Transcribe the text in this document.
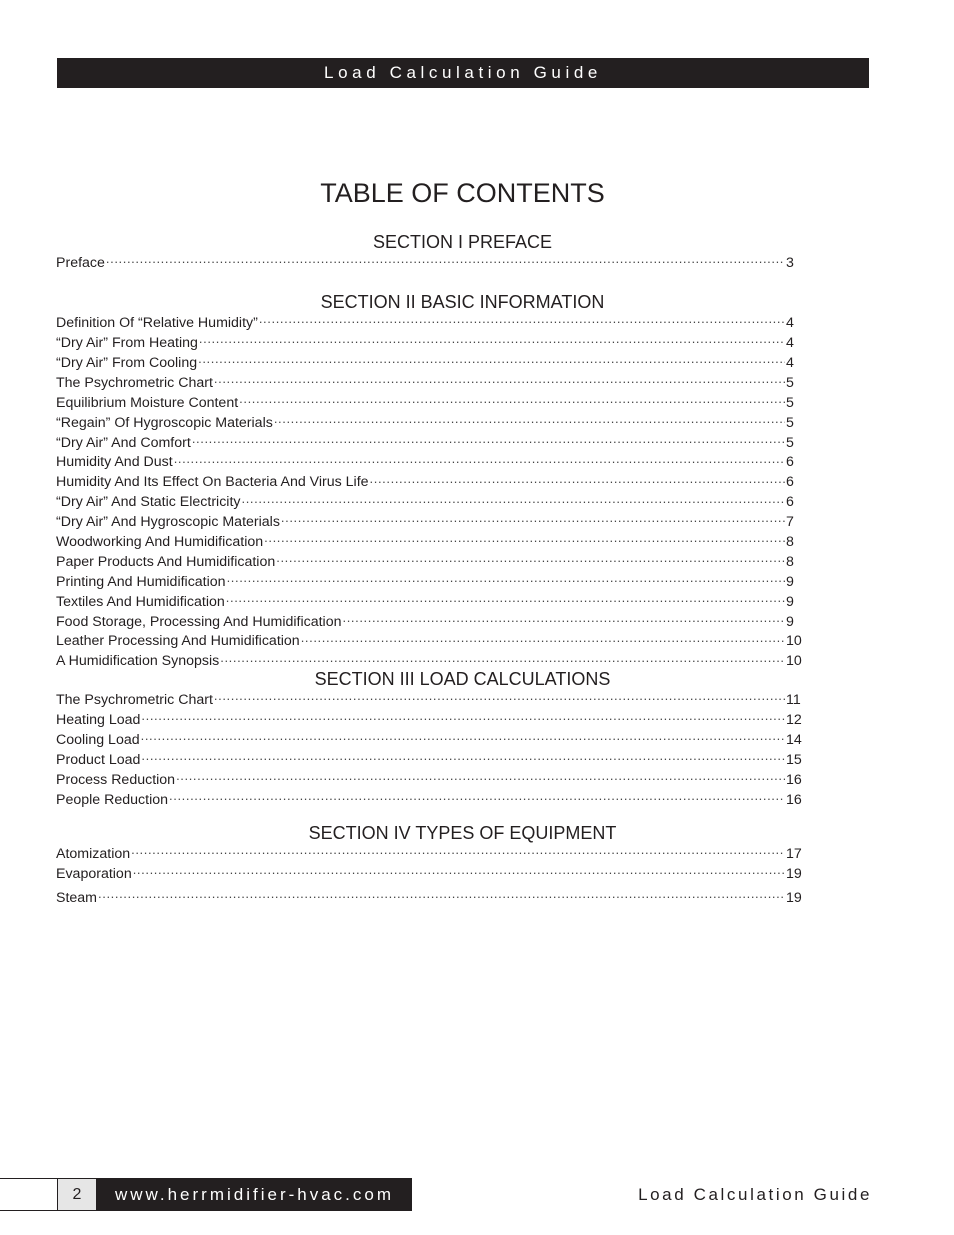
Load Calculation Guide
TABLE OF CONTENTS
SECTION I PREFACE
Preface .....	3
SECTION II BASIC INFORMATION
Definition Of “Relative Humidity” .....	4
“Dry Air” From Heating .....	4
“Dry Air” From Cooling .....	4
The Psychrometric Chart .....	5
Equilibrium Moisture Content .....	5
“Regain” Of Hygroscopic Materials .....	5
“Dry Air” And Comfort .....	5
Humidity And Dust .....	6
Humidity And Its Effect On Bacteria And Virus Life .....	6
“Dry Air” And Static Electricity .....	6
“Dry Air” And Hygroscopic Materials .....	7
Woodworking And Humidification .....	8
Paper Products And Humidification .....	8
Printing And Humidification .....	9
Textiles And Humidification .....	9
Food Storage, Processing And Humidification .....	9
Leather Processing And Humidification .....	10
A Humidification Synopsis .....	10
SECTION III LOAD CALCULATIONS
The Psychrometric Chart .....	11
Heating Load .....	12
Cooling Load .....	14
Product Load .....	15
Process Reduction .....	16
People Reduction .....	16
SECTION IV TYPES OF EQUIPMENT
Atomization .....	17
Evaporation .....	19
Steam .....	19
2	www.herrmidifier-hvac.com	Load Calculation Guide
